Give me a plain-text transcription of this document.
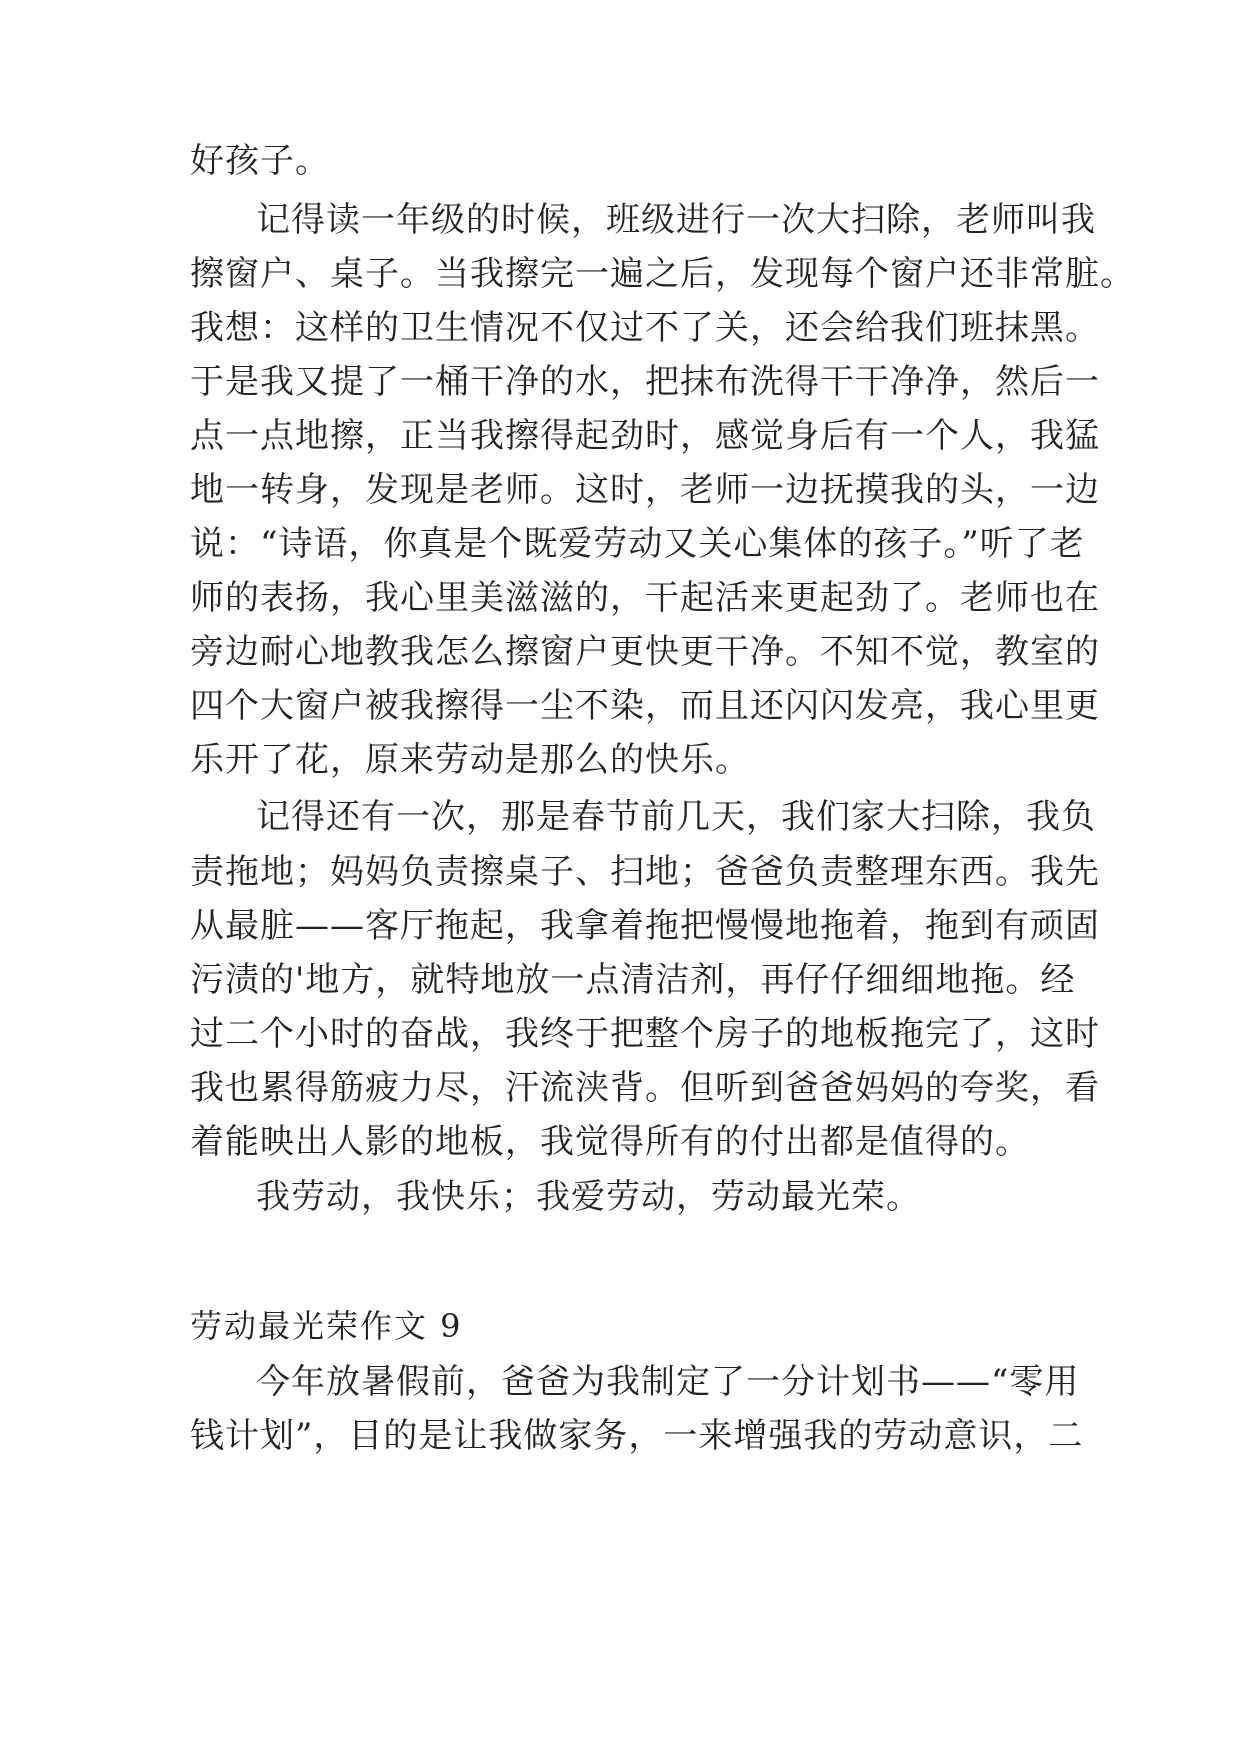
好孩子。
记得读一年级的时候，班级进行一次大扫除，老师叫我
擦窗户、桌子。当我擦完一遍之后，发现每个窗户还非常脏。
我想：这样的卫生情况不仅过不了关，还会给我们班抹黑。
于是我又提了一桶干净的水，把抹布洗得干干净净，然后一
点一点地擦，正当我擦得起劲时，感觉身后有一个人，我猛
地一转身，发现是老师。这时，老师一边抚摸我的头，一边
说：“诗语，你真是个既爱劳动又关心集体的孩子。”听了老
师的表扬，我心里美滋滋的，干起活来更起劲了。老师也在
旁边耐心地教我怎么擦窗户更快更干净。不知不觉，教室的
四个大窗户被我擦得一尘不染，而且还闪闪发亮，我心里更
乐开了花，原来劳动是那么的快乐。
记得还有一次，那是春节前几天，我们家大扫除，我负
责拖地；妈妈负责擦桌子、扫地；爸爸负责整理东西。我先
从最脏——客厅拖起，我拿着拖把慢慢地拖着，拖到有顽固
污渍的'地方，就特地放一点清洁剂，再仔仔细细地拖。经
过二个小时的奋战，我终于把整个房子的地板拖完了，这时
我也累得筋疲力尽，汗流浃背。但听到爸爸妈妈的夸奖，看
着能映出人影的地板，我觉得所有的付出都是值得的。
我劳动，我快乐；我爱劳动，劳动最光荣。
劳动最光荣作文 9
今年放暑假前，爸爸为我制定了一分计划书——“零用
钱计划”，目的是让我做家务，一来增强我的劳动意识，二
